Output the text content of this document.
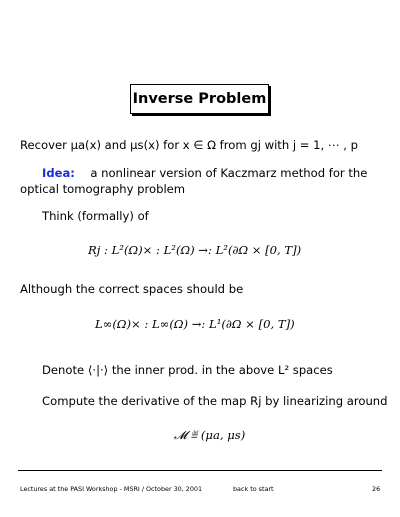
Inverse Problem
Recover μa(x) and μs(x) for x ∈ Ω from gj with j = 1, ⋯ , p
Idea: a nonlinear version of Kaczmarz method for the
optical tomography problem
Think (formally) of
Rj : L²(Ω)× : L²(Ω) →: L²(∂Ω × [0, T])
Although the correct spaces should be
L∞(Ω)× : L∞(Ω) →: L¹(∂Ω × [0, T])
Denote ⟨·|·⟩ the inner prod. in the above L² spaces
Compute the derivative of the map Rj by linearizing around
𝓜 ≝ (μa, μs)
Lectures at the PASI Workshop - MSRI / October 30, 2001	back to start	26
